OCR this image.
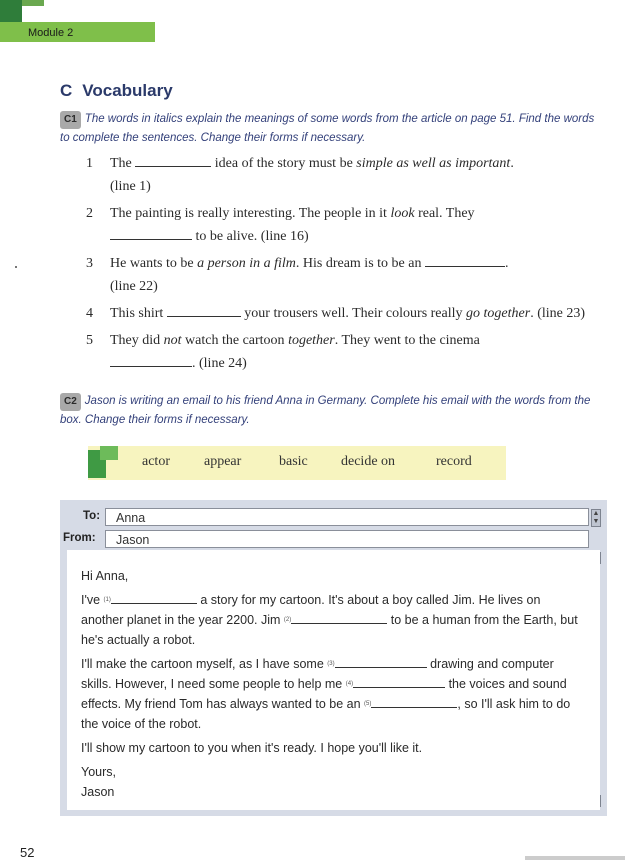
Module 2
C Vocabulary
C1 The words in italics explain the meanings of some words from the article on page 51. Find the words to complete the sentences. Change their forms if necessary.
1 The	idea of the story must be simple as well as important.
(line 1)
2 The painting is really interesting. The people in it look real. They
to be alive. (line 16)
3 He wants to be a person in a film. His dream is to be an	.
(line 22)
4 This shirt	your trousers well. Their colours really go together. (line 23)
5 They did not watch the cartoon together. They went to the cinema
. (line 24)
C2 Jason is writing an email to his friend Anna in Germany. Complete his email with the words from the box. Change their forms if necessary.
actor appear	basic decide on	record
To:	Anna	▲
▼
From:	Jason

Hi Anna,

I've $^{(1)}$	a story for my cartoon. It's about a boy called Jim. He lives on another planet in the year 2200. Jim $^{(2)}$	to be a human from the Earth, but he's actually a robot.

I'll make the cartoon myself, as I have some $^{(3)}$	drawing and computer skills. However, I need some people to help me $^{(4)}$	the voices and sound effects. My friend Tom has always wanted to be an $^{(5)}$	, so I'll ask him to do the voice of the robot.

I'll show my cartoon to you when it's ready. I hope you'll like it.

Yours,

Jason

52
